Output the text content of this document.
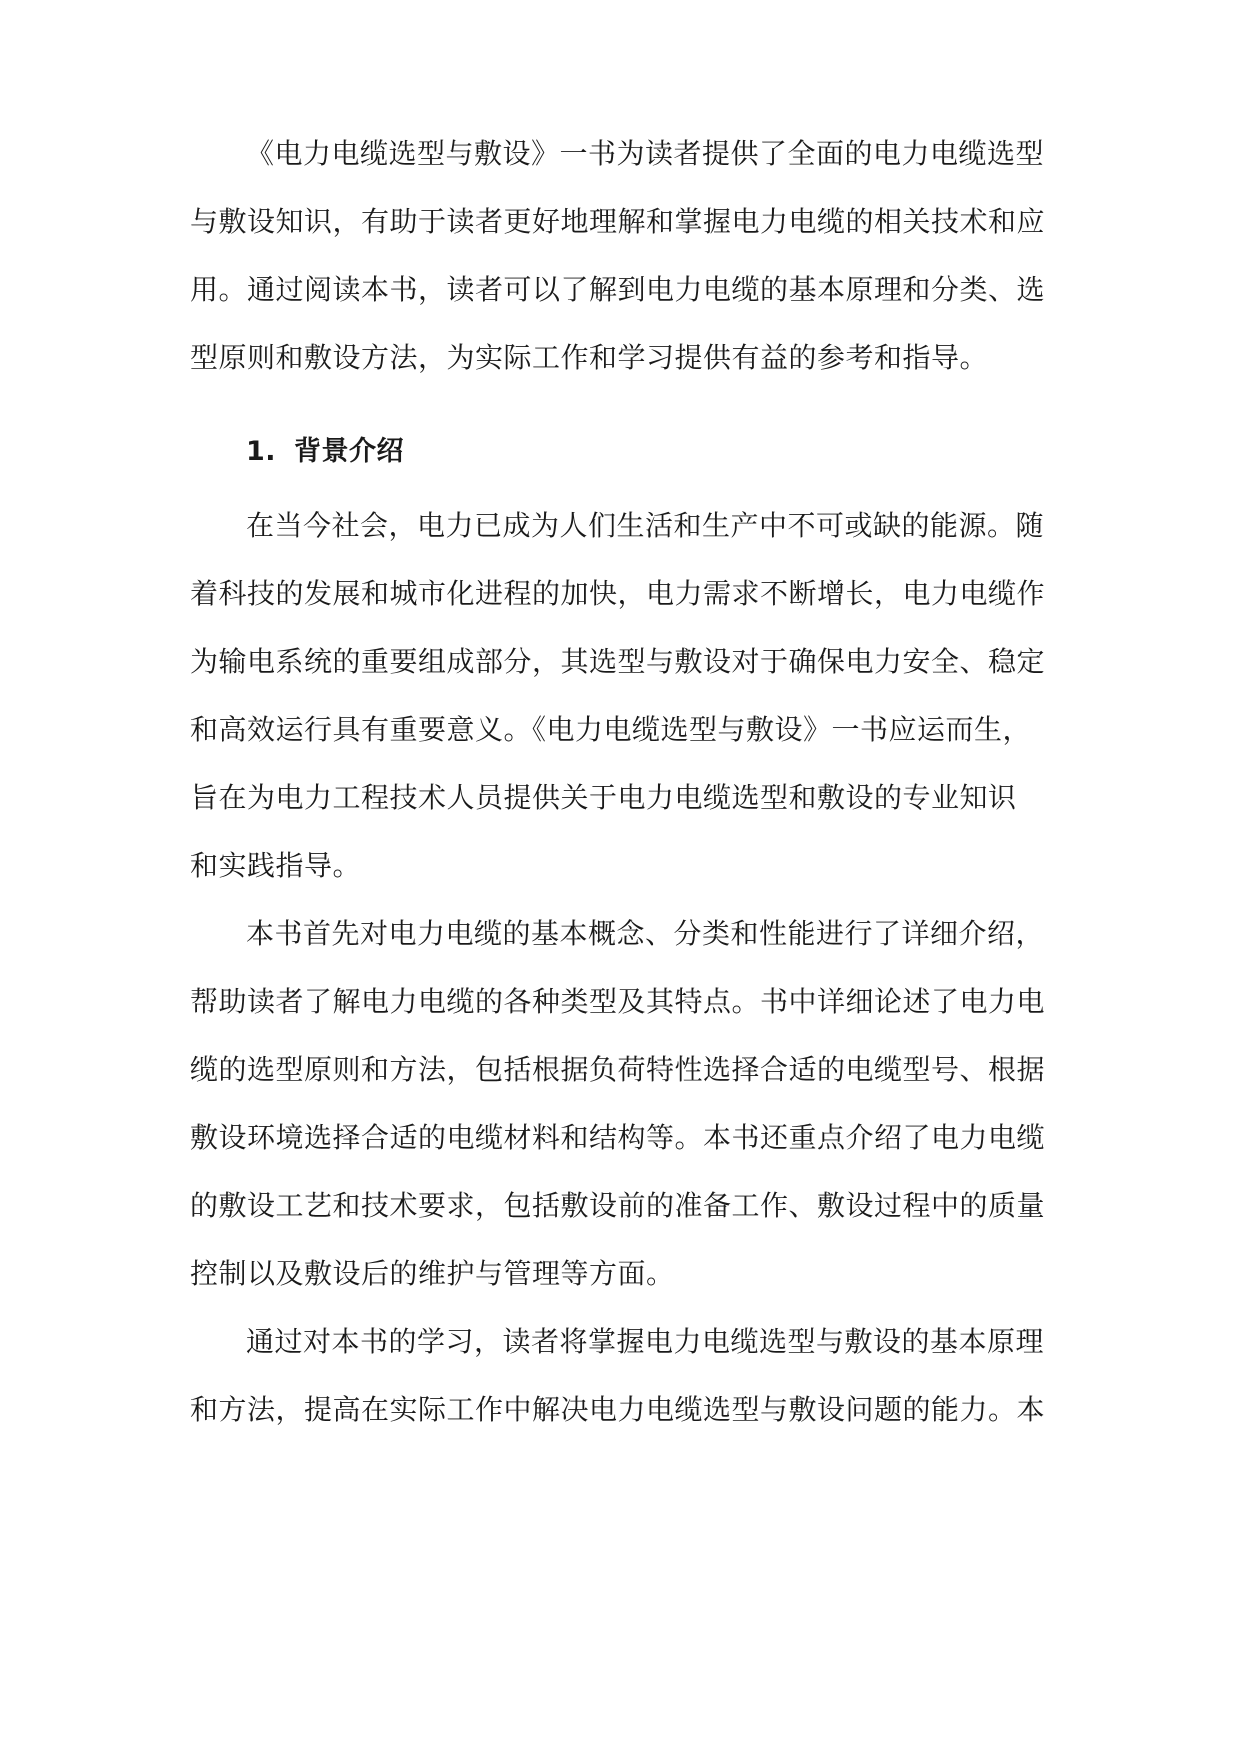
《电力电缆选型与敷设》一书为读者提供了全面的电力电缆选型
与敷设知识，有助于读者更好地理解和掌握电力电缆的相关技术和应
用。通过阅读本书，读者可以了解到电力电缆的基本原理和分类、选
型原则和敷设方法，为实际工作和学习提供有益的参考和指导。
1. 背景介绍
在当今社会，电力已成为人们生活和生产中不可或缺的能源。随
着科技的发展和城市化进程的加快，电力需求不断增长，电力电缆作
为输电系统的重要组成部分，其选型与敷设对于确保电力安全、稳定
和高效运行具有重要意义。《电力电缆选型与敷设》一书应运而生，
旨在为电力工程技术人员提供关于电力电缆选型和敷设的专业知识
和实践指导。
本书首先对电力电缆的基本概念、分类和性能进行了详细介绍，
帮助读者了解电力电缆的各种类型及其特点。书中详细论述了电力电
缆的选型原则和方法，包括根据负荷特性选择合适的电缆型号、根据
敷设环境选择合适的电缆材料和结构等。本书还重点介绍了电力电缆
的敷设工艺和技术要求，包括敷设前的准备工作、敷设过程中的质量
控制以及敷设后的维护与管理等方面。
通过对本书的学习，读者将掌握电力电缆选型与敷设的基本原理
和方法，提高在实际工作中解决电力电缆选型与敷设问题的能力。本
